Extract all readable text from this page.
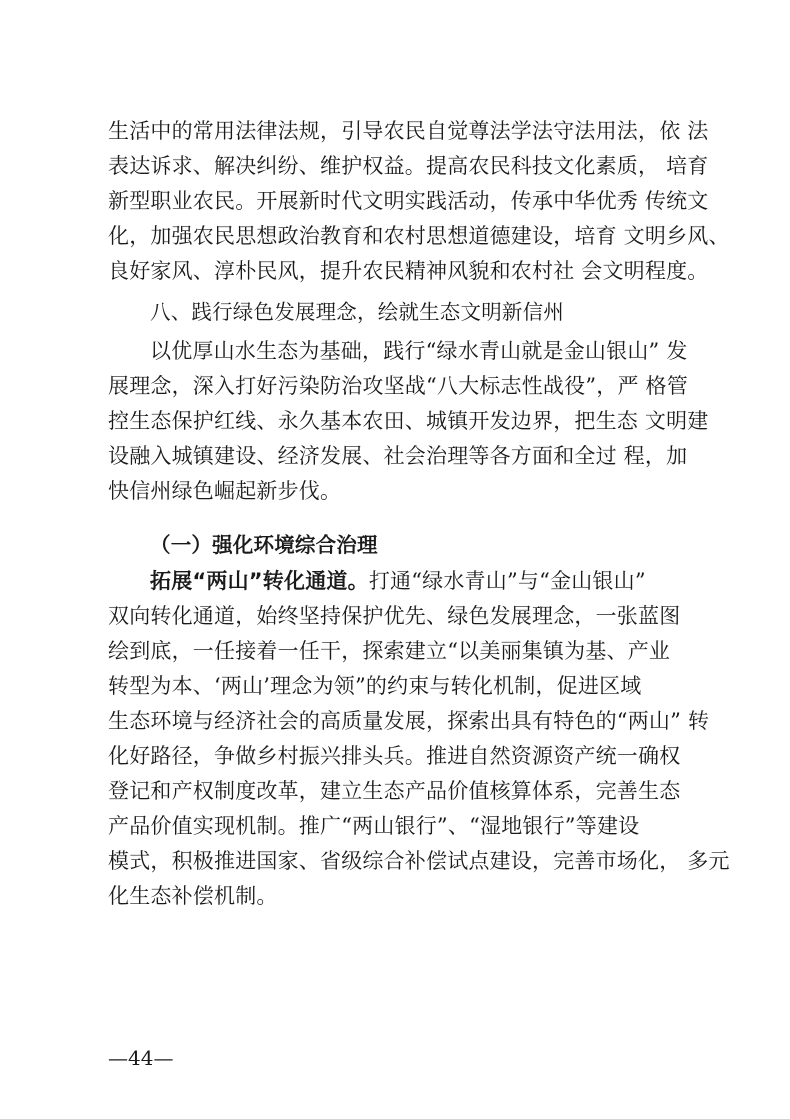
生活中的常用法律法规，引导农民自觉尊法学法守法用法，依 法
表达诉求、解决纠纷、维护权益。提高农民科技文化素质， 培育
新型职业农民。开展新时代文明实践活动，传承中华优秀 传统文
化，加强农民思想政治教育和农村思想道德建设，培育 文明乡风、
良好家风、淳朴民风，提升农民精神风貌和农村社 会文明程度。
八、践行绿色发展理念，绘就生态文明新信州
以优厚山水生态为基础，践行“绿水青山就是金山银山” 发
展理念，深入打好污染防治攻坚战“八大标志性战役”，严 格管
控生态保护红线、永久基本农田、城镇开发边界，把生态 文明建
设融入城镇建设、经济发展、社会治理等各方面和全过 程，加
快信州绿色崛起新步伐。
（一）强化环境综合治理
拓展“两山”转化通道。打通“绿水青山”与“金山银山”
双向转化通道，始终坚持保护优先、绿色发展理念，一张蓝图
绘到底，一任接着一任干，探索建立“以美丽集镇为基、产业
转型为本、‘两山’理念为领”的约束与转化机制，促进区域
生态环境与经济社会的高质量发展，探索出具有特色的“两山” 转
化好路径，争做乡村振兴排头兵。推进自然资源资产统一确权
登记和产权制度改革，建立生态产品价值核算体系，完善生态
产品价值实现机制。推广“两山银行”、“湿地银行”等建设
模式，积极推进国家、省级综合补偿试点建设，完善市场化， 多元
化生态补偿机制。
—44—
